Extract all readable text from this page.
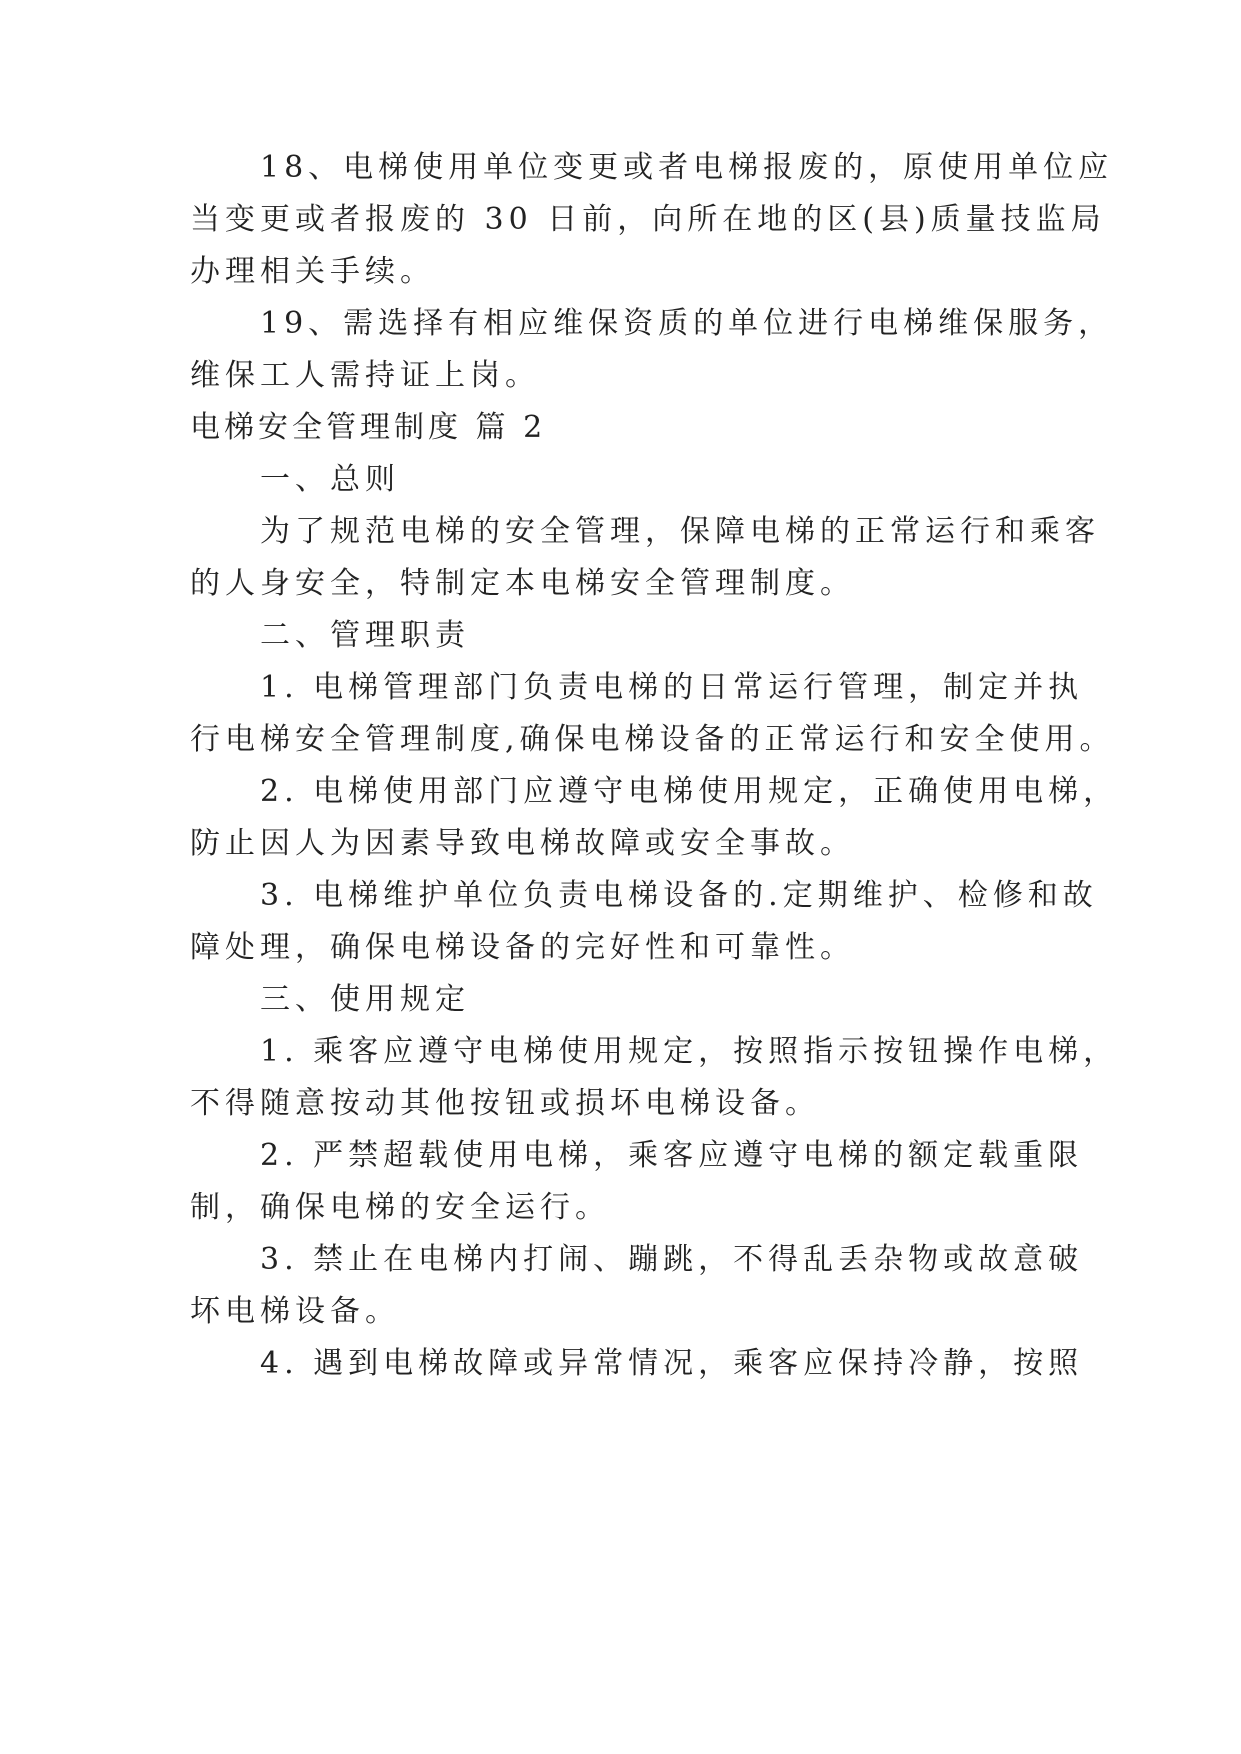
18、电梯使用单位变更或者电梯报废的，原使用单位应
当变更或者报废的 30 日前，向所在地的区(县)质量技监局
办理相关手续。
19、需选择有相应维保资质的单位进行电梯维保服务，
维保工人需持证上岗。
电梯安全管理制度 篇 2
一、总则
为了规范电梯的安全管理，保障电梯的正常运行和乘客
的人身安全，特制定本电梯安全管理制度。
二、管理职责
1. 电梯管理部门负责电梯的日常运行管理，制定并执
行电梯安全管理制度,确保电梯设备的正常运行和安全使用。
2. 电梯使用部门应遵守电梯使用规定，正确使用电梯，
防止因人为因素导致电梯故障或安全事故。
3. 电梯维护单位负责电梯设备的.定期维护、检修和故
障处理，确保电梯设备的完好性和可靠性。
三、使用规定
1. 乘客应遵守电梯使用规定，按照指示按钮操作电梯，
不得随意按动其他按钮或损坏电梯设备。
2. 严禁超载使用电梯，乘客应遵守电梯的额定载重限
制，确保电梯的安全运行。
3. 禁止在电梯内打闹、蹦跳，不得乱丢杂物或故意破
坏电梯设备。
4. 遇到电梯故障或异常情况，乘客应保持冷静，按照
